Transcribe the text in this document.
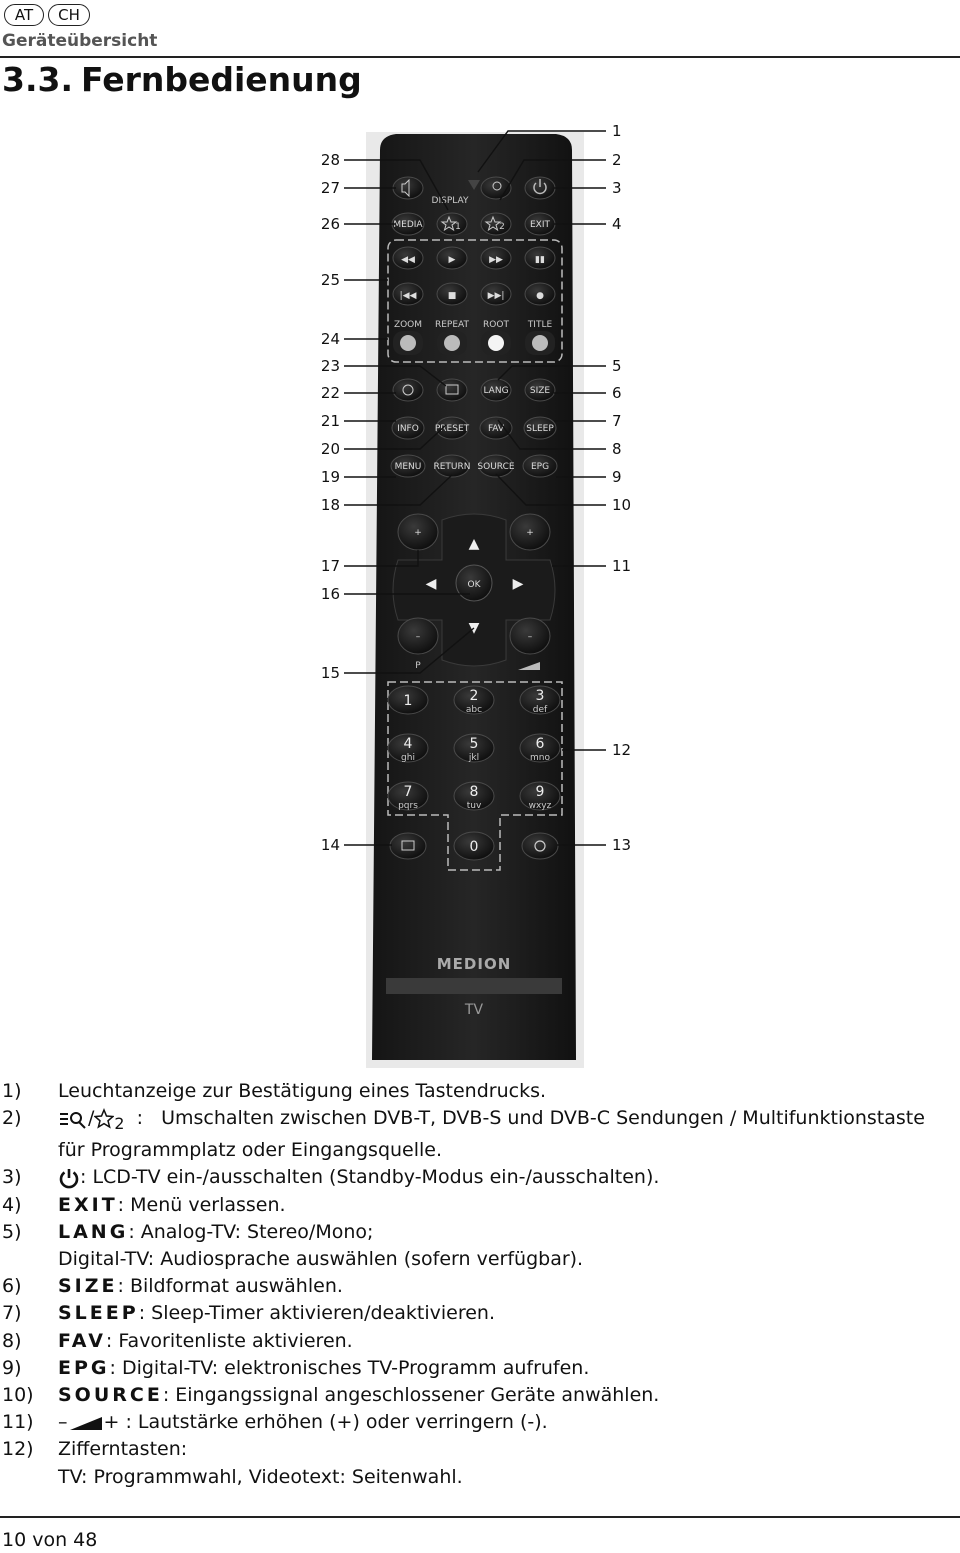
AT	CH
Geräteübersicht
3.3. Fernbedienung
DISPLAY
MEDIA	1	2	EXIT
◀◀
|◀◀
▶
■
▶▶
▶▶|
▮▮
●
ZOOM REPEAT ROOT TITLE
LANG SIZE
INFO PRESET FAV SLEEP
MENU RETURN SOURCE EPG
+	+
–	–
OK
▲
▼
◀	▶
P
1	2
abc
3
def
4
ghi
5
jkl
6
mno
7
pqrs
8
tuv
9
wxyz
0
MEDION
TV
28
27
26
25
24
23
22
21
20
19
18
17
16
15
14
1
2
3
4
5
6
7
8
9
10
11
12
13
1)	Leuchtanzeige zur Bestätigung eines Tastendrucks.
2)	/ $_2$ : Umschalten zwischen DVB-T, DVB-S und DVB-C Sendungen / Multifunktionstaste
für Programmplatz oder Eingangsquelle.
3)	: LCD-TV ein-/ausschalten (Standby-Modus ein-/ausschalten).
4)	EXIT: Menü verlassen.
5)	LANG: Analog-TV: Stereo/Mono;
Digital-TV: Audiosprache auswählen (sofern verfügbar).
6)	SIZE: Bildformat auswählen.
7)	SLEEP: Sleep-Timer aktivieren/deaktivieren.
8)	FAV: Favoritenliste aktivieren.
9)	EPG: Digital-TV: elektronisches TV-Programm aufrufen.
10)	SOURCE: Eingangssignal angeschlossener Geräte anwählen.
11)	– + : Lautstärke erhöhen (+) oder verringern (-).
12)	Zifferntasten:
TV: Programmwahl, Videotext: Seitenwahl.
10 von 48
